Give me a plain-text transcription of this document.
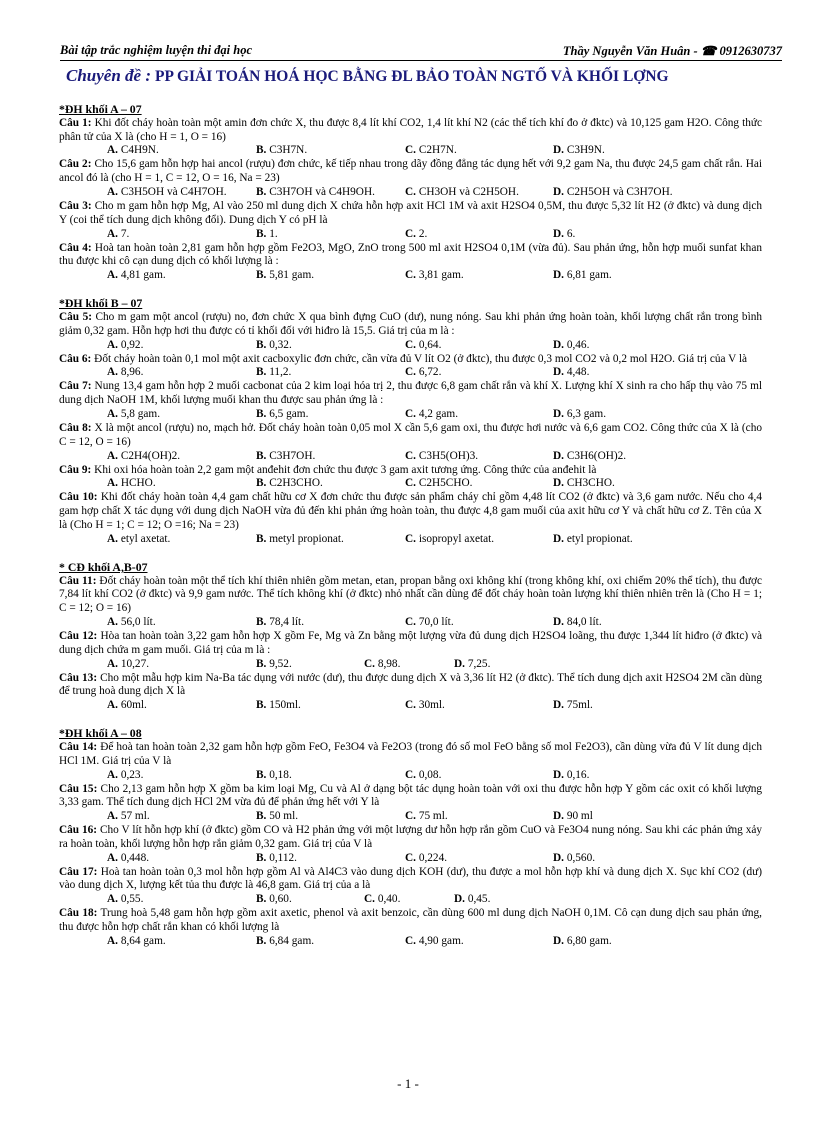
Bài tập trắc nghiệm luyện thi đại học	Thầy Nguyễn Văn Huân - ☎ 0912630737
Chuyên đề : PP GIẢI TOÁN HOÁ HỌC BẰNG ĐL BẢO TOÀN NGTỐ VÀ KHỐI LỢNG
*ĐH khối A – 07
Câu 1: Khi đốt cháy hoàn toàn một amin đơn chức X, thu được 8,4 lít khí CO2, 1,4 lít khí N2 (các thể tích khí đo ở đktc) và 10,125 gam H2O. Công thức phân tử của X là (cho H = 1, O = 16)
A. C4H9N.	B. C3H7N.	C. C2H7N.	D. C3H9N.
Câu 2: Cho 15,6 gam hỗn hợp hai ancol (rượu) đơn chức, kế tiếp nhau trong dãy đồng đẳng tác dụng hết với 9,2 gam Na, thu được 24,5 gam chất rắn. Hai ancol đó là (cho H = 1, C = 12, O = 16, Na = 23)
A. C3H5OH và C4H7OH.	B. C3H7OH và C4H9OH.	C. CH3OH và C2H5OH.	D. C2H5OH và C3H7OH.
Câu 3: Cho m gam hỗn hợp Mg, Al vào 250 ml dung dịch X chứa hỗn hợp axit HCl 1M và axit H2SO4 0,5M, thu được 5,32 lít H2 (ở đktc) và dung dịch Y (coi thể tích dung dịch không đổi). Dung dịch Y có pH là
A. 7.	B. 1.	C. 2.	D. 6.
Câu 4: Hoà tan hoàn toàn 2,81 gam hỗn hợp gồm Fe2O3, MgO, ZnO trong 500 ml axit H2SO4 0,1M (vừa đủ). Sau phản ứng, hỗn hợp muối sunfat khan thu được khi cô cạn dung dịch có khối lượng là :
A. 4,81 gam.	B. 5,81 gam.	C. 3,81 gam.	D. 6,81 gam.
*ĐH khối B – 07
Câu 5: Cho m gam một ancol (rượu) no, đơn chức X qua bình đựng CuO (dư), nung nóng. Sau khi phản ứng hoàn toàn, khối lượng chất rắn trong bình giảm 0,32 gam. Hỗn hợp hơi thu được có tỉ khối đối với hiđro là 15,5. Giá trị của m là :
A. 0,92.	B. 0,32.	C. 0,64.	D. 0,46.
Câu 6: Đốt cháy hoàn toàn 0,1 mol một axit cacboxylic đơn chức, cần vừa đủ V lít O2 (ở đktc), thu được 0,3 mol CO2 và 0,2 mol H2O. Giá trị của V là
A. 8,96.	B. 11,2.	C. 6,72.	D. 4,48.
Câu 7: Nung 13,4 gam hỗn hợp 2 muối cacbonat của 2 kim loại hóa trị 2, thu được 6,8 gam chất rắn và khí X. Lượng khí X sinh ra cho hấp thụ vào 75 ml dung dịch NaOH 1M, khối lượng muối khan thu được sau phản ứng là :
A. 5,8 gam.	B. 6,5 gam.	C. 4,2 gam.	D. 6,3 gam.
Câu 8: X là một ancol (rượu) no, mạch hở. Đốt cháy hoàn toàn 0,05 mol X cần 5,6 gam oxi, thu được hơi nước và 6,6 gam CO2. Công thức của X là (cho C = 12, O = 16)
A. C2H4(OH)2.	B. C3H7OH.	C. C3H5(OH)3.	D. C3H6(OH)2.
Câu 9: Khi oxi hóa hoàn toàn 2,2 gam một anđehit đơn chức thu được 3 gam axit tương ứng. Công thức của anđehit là
A. HCHO.	B. C2H3CHO.	C. C2H5CHO.	D. CH3CHO.
Câu 10: Khi đốt cháy hoàn toàn 4,4 gam chất hữu cơ X đơn chức thu được sản phẩm cháy chỉ gồm 4,48 lít CO2 (ở đktc) và 3,6 gam nước. Nếu cho 4,4 gam hợp chất X tác dụng với dung dịch NaOH vừa đủ đến khi phản ứng hoàn toàn, thu được 4,8 gam muối của axit hữu cơ Y và chất hữu cơ Z. Tên của X là (Cho H = 1; C = 12; O =16; Na = 23)
A. etyl axetat.	B. metyl propionat.	C. isopropyl axetat.	D. etyl propionat.
* CĐ khối A,B-07
Câu 11: Đốt cháy hoàn toàn một thể tích khí thiên nhiên gồm metan, etan, propan bằng oxi không khí (trong không khí, oxi chiếm 20% thể tích), thu được 7,84 lít khí CO2 (ở đktc) và 9,9 gam nước. Thể tích không khí (ở đktc) nhỏ nhất cần dùng để đốt cháy hoàn toàn lượng khí thiên nhiên trên là (Cho H = 1; C = 12; O = 16)
A. 56,0 lít.	B. 78,4 lít.	C. 70,0 lít.	D. 84,0 lít.
Câu 12: Hòa tan hoàn toàn 3,22 gam hỗn hợp X gồm Fe, Mg và Zn bằng một lượng vừa đủ dung dịch H2SO4 loãng, thu được 1,344 lít hiđro (ở đktc) và dung dịch chứa m gam muối. Giá trị của m là :
A. 10,27.	B. 9,52.	C. 8,98.	D. 7,25.
Câu 13: Cho một mẫu hợp kim Na-Ba tác dụng với nước (dư), thu được dung dịch X và 3,36 lít H2 (ở đktc). Thể tích dung dịch axit H2SO4 2M cần dùng để trung hoà dung dịch X là
A. 60ml.	B. 150ml.	C. 30ml.	D. 75ml.
*ĐH khối A – 08
Câu 14: Để hoà tan hoàn toàn 2,32 gam hỗn hợp gồm FeO, Fe3O4 và Fe2O3 (trong đó số mol FeO bằng số mol Fe2O3), cần dùng vừa đủ V lít dung dịch HCl 1M. Giá trị của V là
A. 0,23.	B. 0,18.	C. 0,08.	D. 0,16.
Câu 15: Cho 2,13 gam hỗn hợp X gồm ba kim loại Mg, Cu và Al ở dạng bột tác dụng hoàn toàn với oxi thu được hỗn hợp Y gồm các oxit có khối lượng 3,33 gam. Thể tích dung dịch HCl 2M vừa đủ để phản ứng hết với Y là
A. 57 ml.	B. 50 ml.	C. 75 ml.	D. 90 ml
Câu 16: Cho V lít hỗn hợp khí (ở đktc) gồm CO và H2 phản ứng với một lượng dư hỗn hợp rắn gồm CuO và Fe3O4 nung nóng. Sau khi các phản ứng xảy ra hoàn toàn, khối lượng hỗn hợp rắn giảm 0,32 gam. Giá trị của V là
A. 0,448.	B. 0,112.	C. 0,224.	D. 0,560.
Câu 17: Hoà tan hoàn toàn 0,3 mol hỗn hợp gồm Al và Al4C3 vào dung dịch KOH (dư), thu được a mol hỗn hợp khí và dung dịch X. Sục khí CO2 (dư) vào dung dịch X, lượng kết tủa thu được là 46,8 gam. Giá trị của a là
A. 0,55.	B. 0,60.	C. 0,40.	D. 0,45.
Câu 18: Trung hoà 5,48 gam hỗn hợp gồm axit axetic, phenol và axit benzoic, cần dùng 600 ml dung dịch NaOH 0,1M. Cô cạn dung dịch sau phản ứng, thu được hỗn hợp chất rắn khan có khối lượng là
A. 8,64 gam.	B. 6,84 gam.	C. 4,90 gam.	D. 6,80 gam.
- 1 -
